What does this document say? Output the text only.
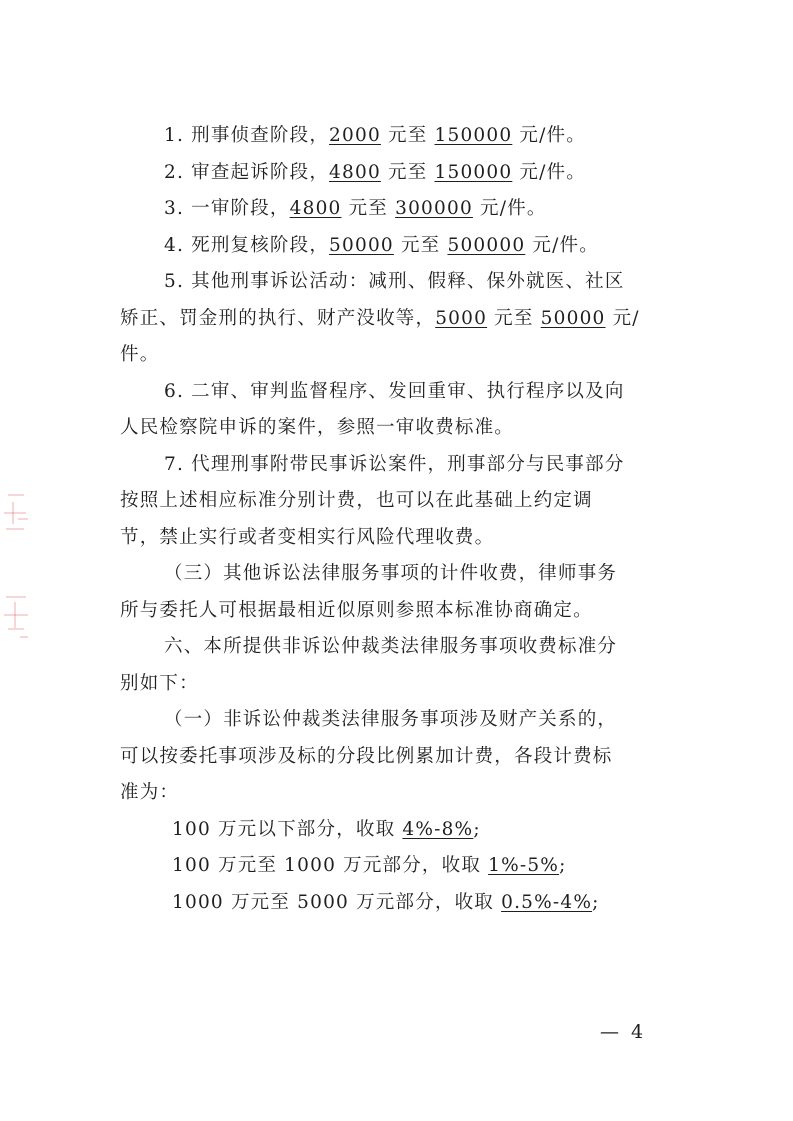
1. 刑事侦查阶段，2000 元至 150000 元/件。
2. 审查起诉阶段，4800 元至 150000 元/件。
3. 一审阶段，4800 元至 300000 元/件。
4. 死刑复核阶段，50000 元至 500000 元/件。
5. 其他刑事诉讼活动：减刑、假释、保外就医、社区
矫正、罚金刑的执行、财产没收等，5000 元至 50000 元/
件。
6. 二审、审判监督程序、发回重审、执行程序以及向
人民检察院申诉的案件，参照一审收费标准。
7. 代理刑事附带民事诉讼案件，刑事部分与民事部分
按照上述相应标准分别计费，也可以在此基础上约定调
节，禁止实行或者变相实行风险代理收费。
（三）其他诉讼法律服务事项的计件收费，律师事务
所与委托人可根据最相近似原则参照本标准协商确定。
六、本所提供非诉讼仲裁类法律服务事项收费标准分
别如下：
（一）非诉讼仲裁类法律服务事项涉及财产关系的，
可以按委托事项涉及标的分段比例累加计费，各段计费标
准为：
100 万元以下部分，收取 4%-8%;
100 万元至 1000 万元部分，收取 1%-5%;
1000 万元至 5000 万元部分，收取 0.5%-4%;
— 4
